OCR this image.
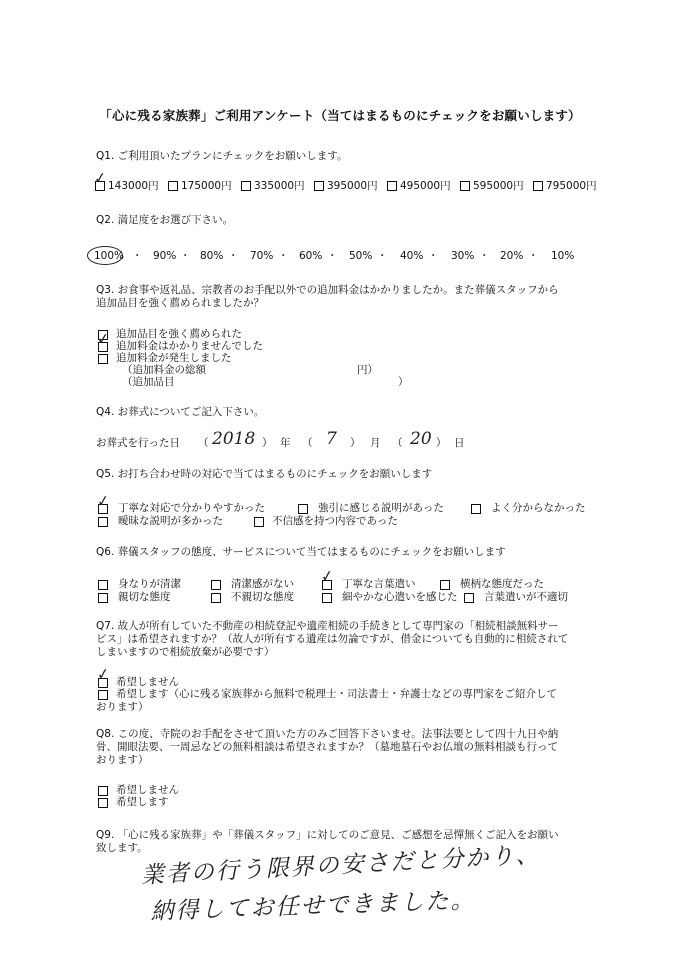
「心に残る家族葬」ご利用アンケート（当てはまるものにチェックをお願いします）
Q1. ご利用頂いたプランにチェックをお願いします。
✓ 143000円 175000円 335000円 395000円 495000円 595000円 795000円
Q2. 満足度をお選び下さい。
100% ・ 90% ・ 80% ・ 70% ・ 60% ・ 50% ・ 40% ・ 30% ・ 20% ・ 10%
Q3. お食事や返礼品、宗教者のお手配以外での追加料金はかかりましたか。また葬儀スタッフから
追加品目を強く薦められましたか？
追加品目を強く薦められた
✓ 追加料金はかかりませんでした
追加料金が発生しました
（追加料金の総額	円）
（追加品目	）
Q4. お葬式についてご記入下さい。
お葬式を行った日 （ 2018 ） 年 （ 7 ） 月 （ 20 ） 日
Q5. お打ち合わせ時の対応で当てはまるものにチェックをお願いします
✓ 丁寧な対応で分かりやすかった	強引に感じる説明があった	よく分からなかった
曖昧な説明が多かった	不信感を持つ内容であった
Q6. 葬儀スタッフの態度、サービスについて当てはまるものにチェックをお願いします
身なりが清潔	清潔感がない ✓ 丁寧な言葉遣い	横柄な態度だった
親切な態度	不親切な態度	細やかな心遣いを感じた	言葉遣いが不適切
Q7. 故人が所有していた不動産の相続登記や遺産相続の手続きとして専門家の「相続相談無料サー
ビス」は希望されますか？（故人が所有する遺産は勿論ですが、借金についても自動的に相続されて
しまいますので相続放棄が必要です）
✓ 希望しません
希望します（心に残る家族葬から無料で税理士・司法書士・弁護士などの専門家をご紹介して
おります）
Q8. この度、寺院のお手配をさせて頂いた方のみご回答下さいませ。法事法要として四十九日や納
骨、開眼法要、一周忌などの無料相談は希望されますか？（墓地墓石やお仏壇の無料相談も行って
おります）
希望しません
希望します
Q9. 「心に残る家族葬」や「葬儀スタッフ」に対してのご意見、ご感想を忌憚無くご記入をお願い
致します。
業者の行う限界の安さだと分かり、
納得してお任せできました。
